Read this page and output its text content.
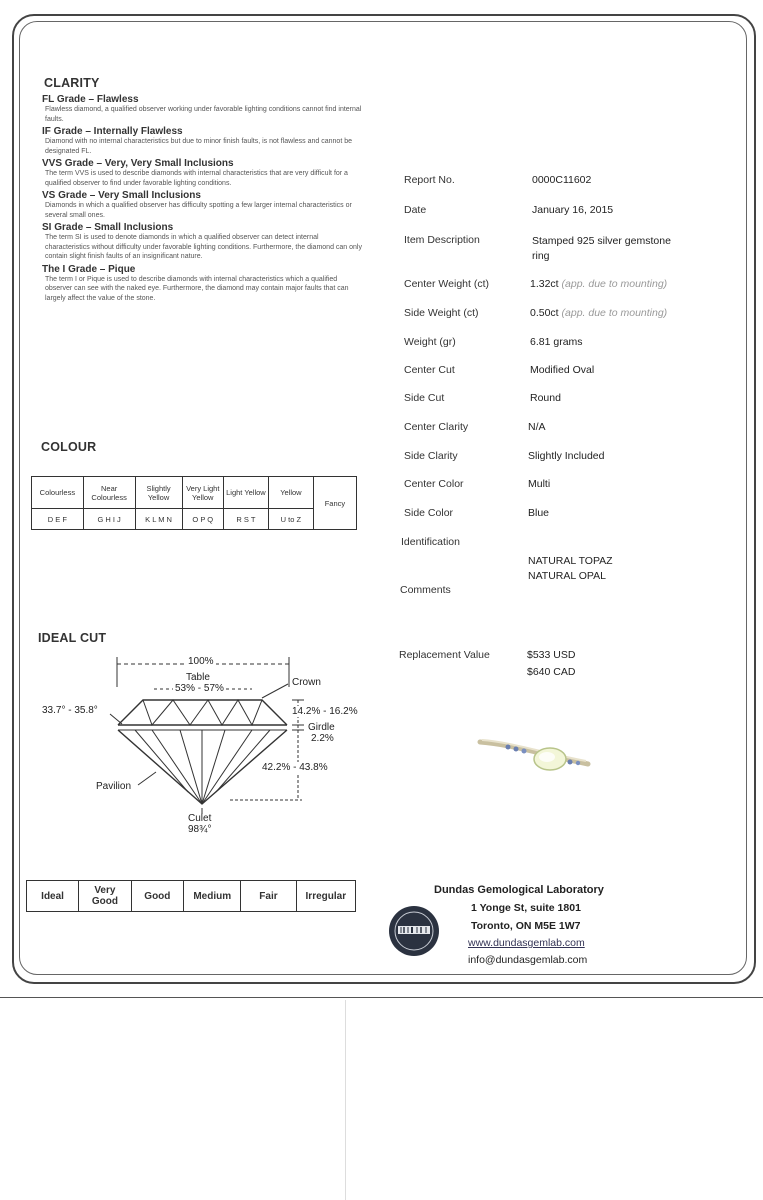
CLARITY
FL Grade – Flawless
Flawless diamond, a qualified observer working under favorable lighting conditions cannot find internal faults.
IF Grade – Internally Flawless
Diamond with no internal characteristics but due to minor finish faults, is not flawless and cannot be designated FL.
VVS Grade – Very, Very Small Inclusions
The term VVS is used to describe diamonds with internal characteristics that are very difficult for a qualified observer to find under favorable lighting conditions.
VS Grade – Very Small Inclusions
Diamonds in which a qualified observer has difficulty spotting a few larger internal characteristics or several small ones.
SI Grade – Small Inclusions
The term SI is used to denote diamonds in which a qualified observer can detect internal characteristics without difficulty under favorable lighting conditions. Furthermore, the diamond can only contain slight finish faults of an insignificant nature.
The I Grade – Pique
The term I or Pique is used to describe diamonds with internal characteristics which a qualified observer can see with the naked eye. Furthermore, the diamond may contain major faults that can largely affect the value of the stone.
COLOUR
Colourless	Near Colourless	Slightly Yellow	Very Light Yellow	Light Yellow	Yellow	Fancy
D E F	G H I J	K L M N	O P Q	R S T	U to Z	
IDEAL CUT
100%
Table
53% - 57%
Crown
33.7° - 35.8°	14.2% - 16.2%
Girdle
2.2%
42.2% - 43.8%
Pavilion
Culet
98¾°
Ideal	Very Good	Good	Medium	Fair	Irregular
Report No.	0000C11602
Date	January 16, 2015
Item Description	Stamped 925 silver gemstone ring
Center Weight (ct)	1.32ct (app. due to mounting)
Side Weight (ct)	0.50ct (app. due to mounting)
Weight (gr)	6.81 grams
Center Cut	Modified Oval
Side Cut	Round
Center Clarity	N/A
Side Clarity	Slightly Included
Center Color	Multi
Side Color	Blue
Identification
NATURAL TOPAZ
NATURAL OPAL
Comments
Replacement Value	$533 USD
$640 CAD
Dundas Gemological Laboratory
1 Yonge St, suite 1801
Toronto, ON M5E 1W7
www.dundasgemlab.com
info@dundasgemlab.com
